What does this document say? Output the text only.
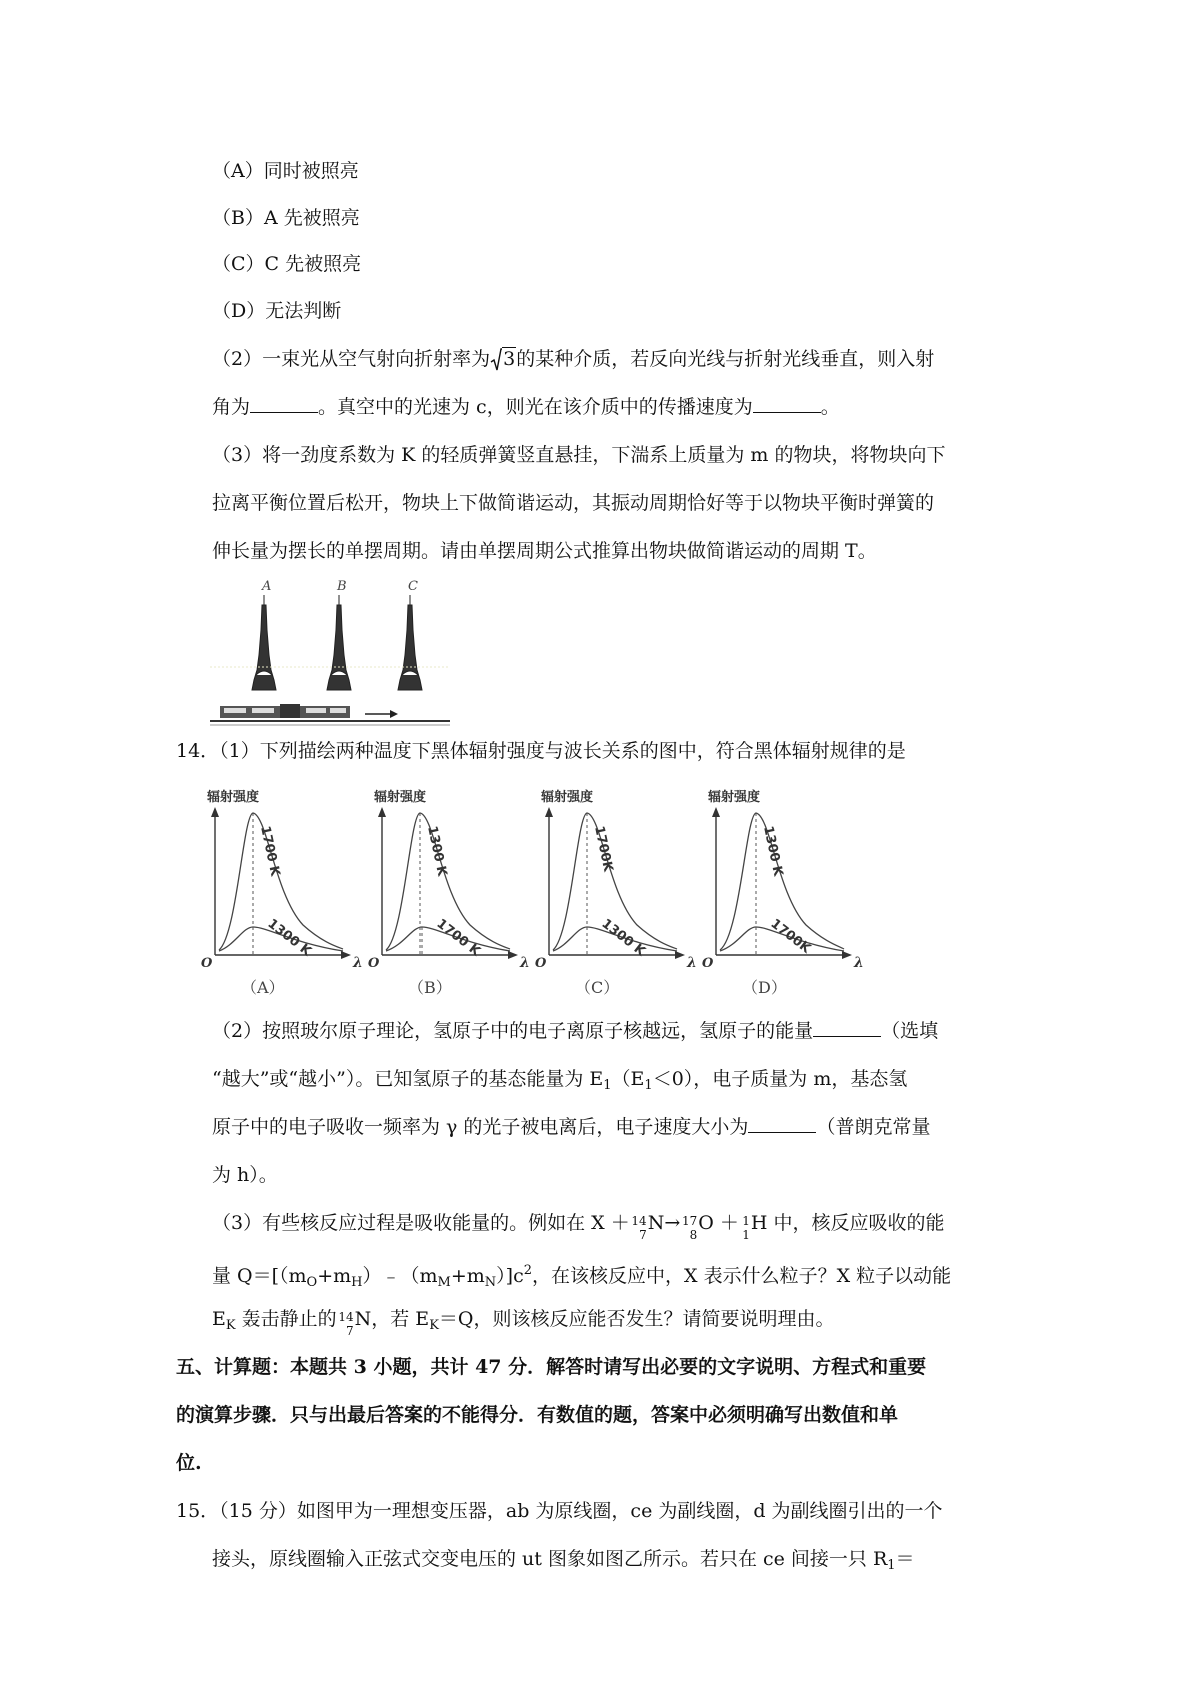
（A）同时被照亮
（B）A 先被照亮
（C）C 先被照亮
（D）无法判断
（2）一束光从空气射向折射率为 3的某种介质，若反向光线与折射光线垂直，则入射
角为	。真空中的光速为 c，则光在该介质中的传播速度为	。
（3）将一劲度系数为 K 的轻质弹簧竖直悬挂，下湍系上质量为 m 的物块，将物块向下
拉离平衡位置后松开，物块上下做简谐运动，其振动周期恰好等于以物块平衡时弹簧的
伸长量为摆长的单摆周期。请由单摆周期公式推算出物块做简谐运动的周期 T。
A	B	C
14．（1）下列描绘两种温度下黑体辐射强度与波长关系的图中，符合黑体辐射规律的是
辐射强度
O	λ
1700 K
1300 K
（A）
辐射强度
O	λ
1300 K
1700 K
（B）
辐射强度
O	λ
1700K
1300 K
（C）
辐射强度
O	λ
1300 K
1700K
（D）
（2）按照玻尔原子理论，氢原子中的电子离原子核越远，氢原子的能量	（选填
“越大”或“越小”）。已知氢原子的基态能量为 $E_1(E_1<0)$，电子质量为 m，基态氢
原子中的电子吸收一频率为 γ 的光子被电离后，电子速度大小为	（普朗克常量
为 h）。
（3）有些核反应过程是吸收能量的。例如在 X ＋ 14
7
N→ 17
8
O ＋ 1
1
H 中，核反应吸收的能
量 $Q=[(m_O+m_H)﹣(m_M+m_N)]c^2$，在该核反应中，X 表示什么粒子？X 粒子以动能
$E_K$ 轰击静止的 14
7
N，若 $E_K=Q$，则该核反应能否发生？请简要说明理由。
五、计算题：本题共 3 小题，共计 47 分．解答时请写出必要的文字说明、方程式和重要
的演算步骤．只与出最后答案的不能得分．有数值的题，答案中必须明确写出数值和单
位.
15．（15 分）如图甲为一理想变压器，ab 为原线圈，ce 为副线圈，d 为副线圈引出的一个
接头，原线圈输入正弦式交变电压的 ut 图象如图乙所示。若只在 ce 间接一只 $R_1=$
